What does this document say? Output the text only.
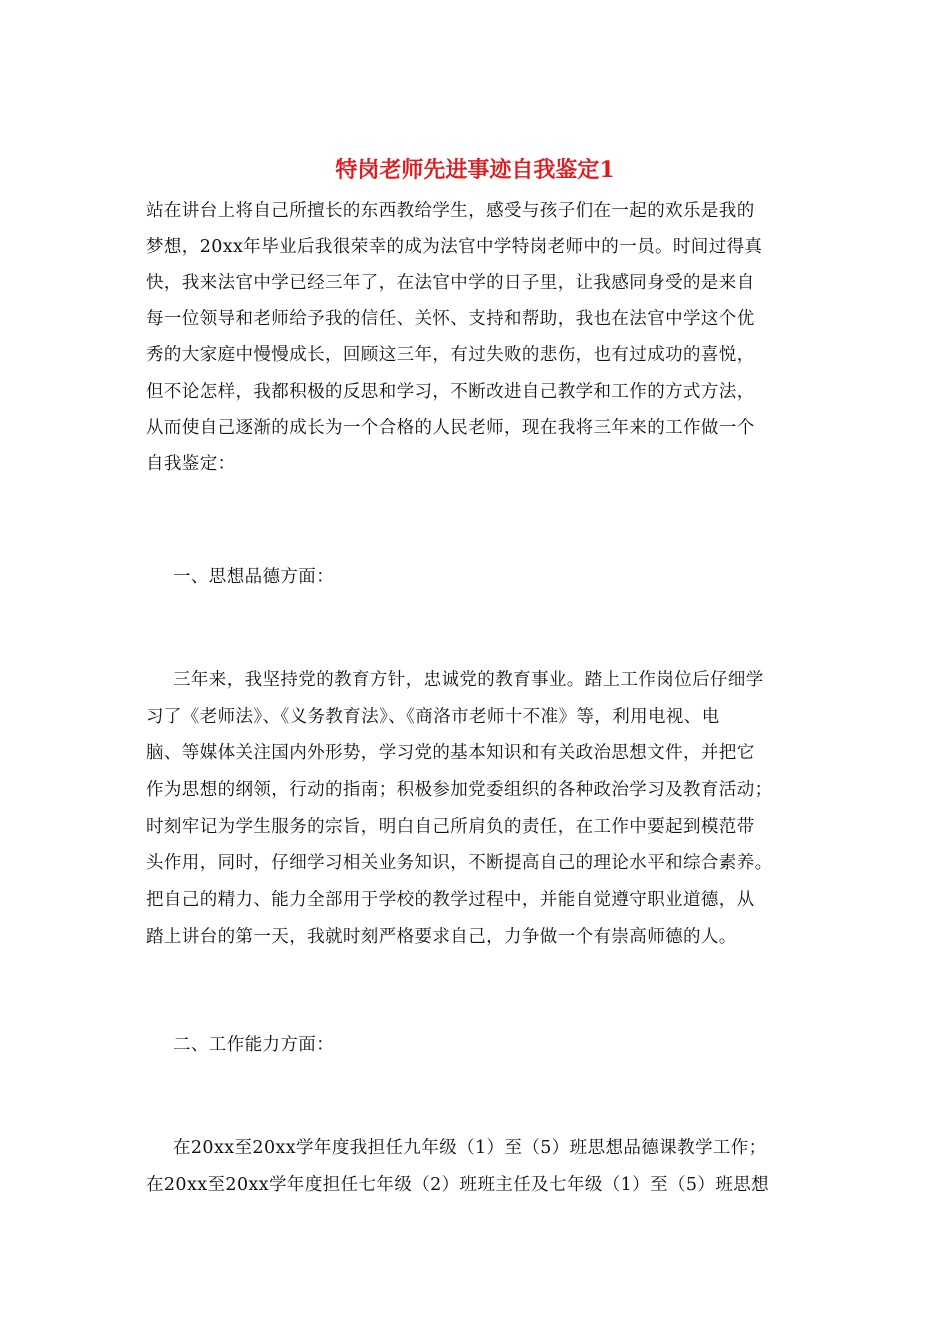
特岗老师先进事迹自我鉴定1
站在讲台上将自己所擅长的东西教给学生，感受与孩子们在一起的欢乐是我的
梦想，20xx年毕业后我很荣幸的成为法官中学特岗老师中的一员。时间过得真
快，我来法官中学已经三年了，在法官中学的日子里，让我感同身受的是来自
每一位领导和老师给予我的信任、关怀、支持和帮助，我也在法官中学这个优
秀的大家庭中慢慢成长，回顾这三年，有过失败的悲伤，也有过成功的喜悦，
但不论怎样，我都积极的反思和学习，不断改进自己教学和工作的方式方法，
从而使自己逐渐的成长为一个合格的人民老师，现在我将三年来的工作做一个
自我鉴定：
一、思想品德方面：
三年来，我坚持党的教育方针，忠诚党的教育事业。踏上工作岗位后仔细学
习了《老师法》、《义务教育法》、《商洛市老师十不准》等，利用电视、电
脑、等媒体关注国内外形势，学习党的基本知识和有关政治思想文件，并把它
作为思想的纲领，行动的指南；积极参加党委组织的各种政治学习及教育活动；
时刻牢记为学生服务的宗旨，明白自己所肩负的责任，在工作中要起到模范带
头作用，同时，仔细学习相关业务知识，不断提高自己的理论水平和综合素养。
把自己的精力、能力全部用于学校的教学过程中，并能自觉遵守职业道德，从
踏上讲台的第一天，我就时刻严格要求自己，力争做一个有崇高师德的人。
二、工作能力方面：
在20xx至20xx学年度我担任九年级（1）至（5）班思想品德课教学工作；
在20xx至20xx学年度担任七年级（2）班班主任及七年级（1）至（5）班思想
